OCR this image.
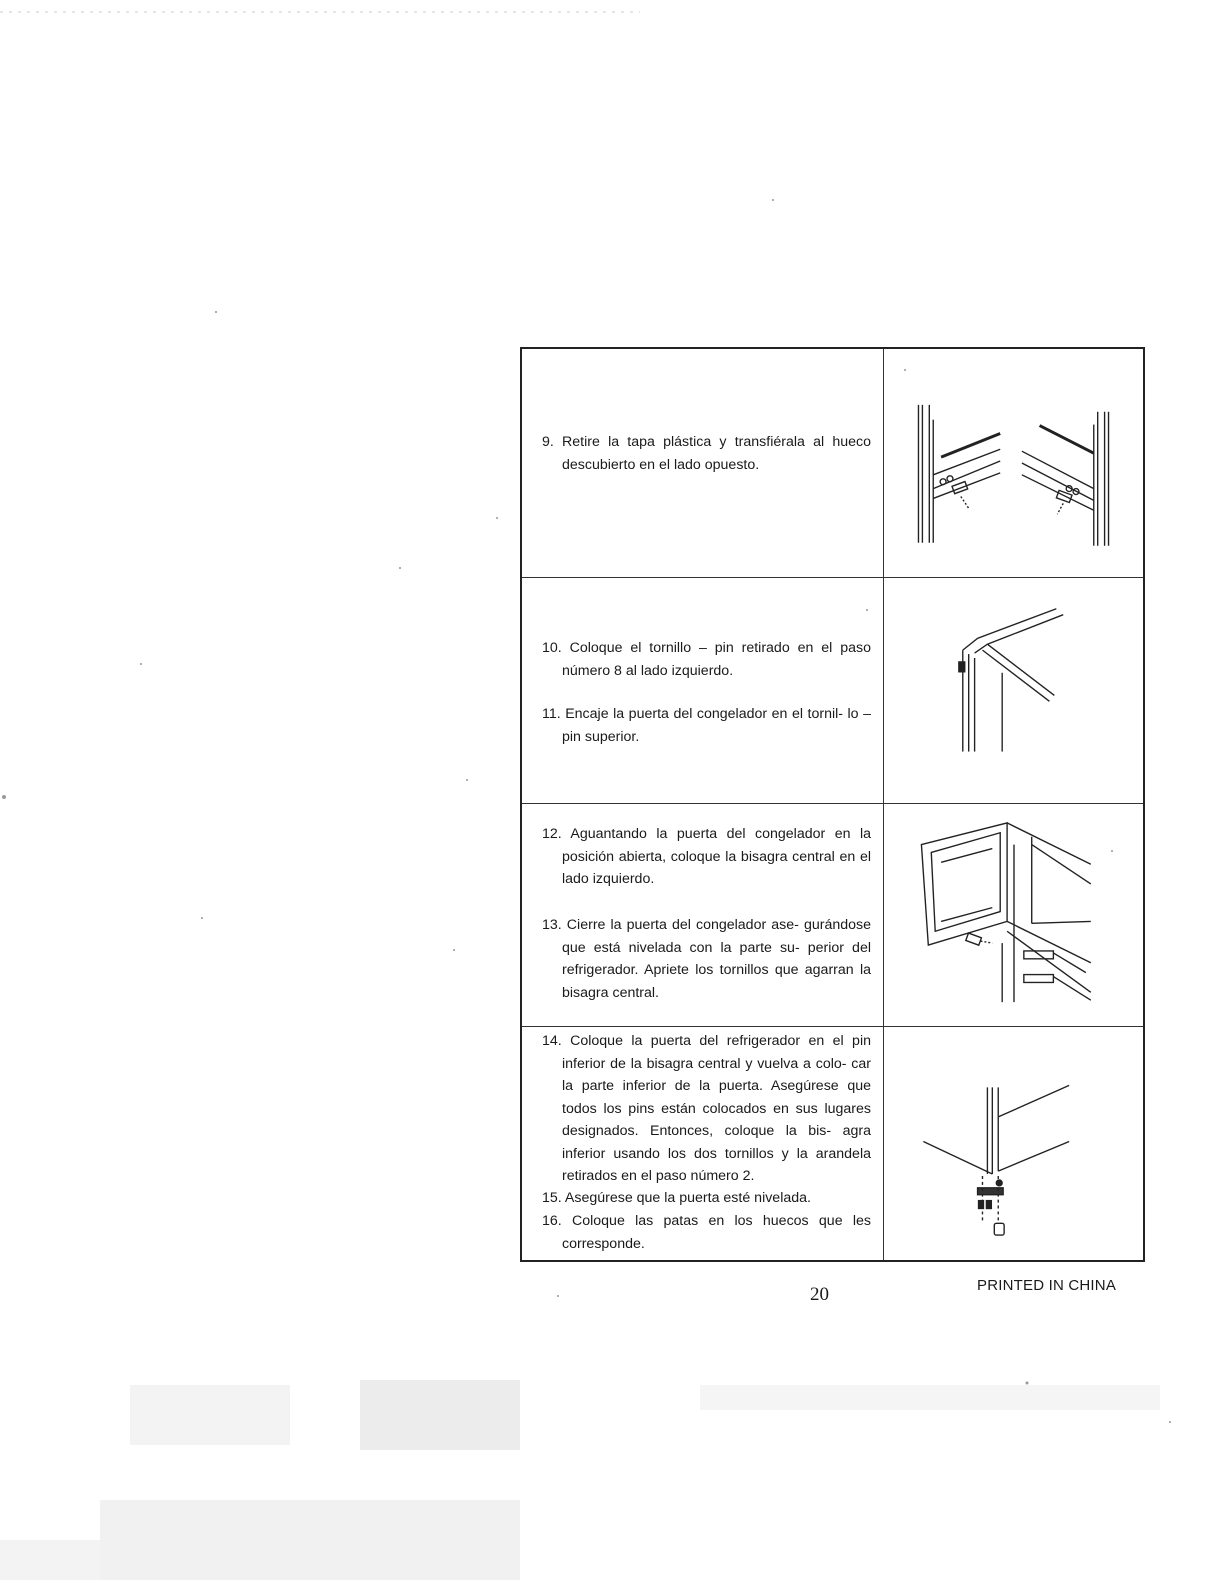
9. Retire la tapa plástica y transfiérala al hueco descubierto en el lado opuesto.
10. Coloque el tornillo – pin retirado en el paso número 8 al lado izquierdo.
11. Encaje la puerta del congelador en el tornil- lo – pin superior.
12. Aguantando la puerta del congelador en la posición abierta, coloque la bisagra central en el lado izquierdo.
13. Cierre la puerta del congelador ase- gurándose que está nivelada con la parte su- perior del refrigerador. Apriete los tornillos que agarran la bisagra central.
14. Coloque la puerta del refrigerador en el pin inferior de la bisagra central y vuelva a colo- car la parte inferior de la puerta. Asegúrese que todos los pins están colocados en sus lugares designados. Entonces, coloque la bis- agra inferior usando los dos tornillos y la arandela retirados en el paso número 2.
15. Asegúrese que la puerta esté nivelada.
16. Coloque las patas en los huecos que les corresponde.
20	PRINTED IN CHINA
